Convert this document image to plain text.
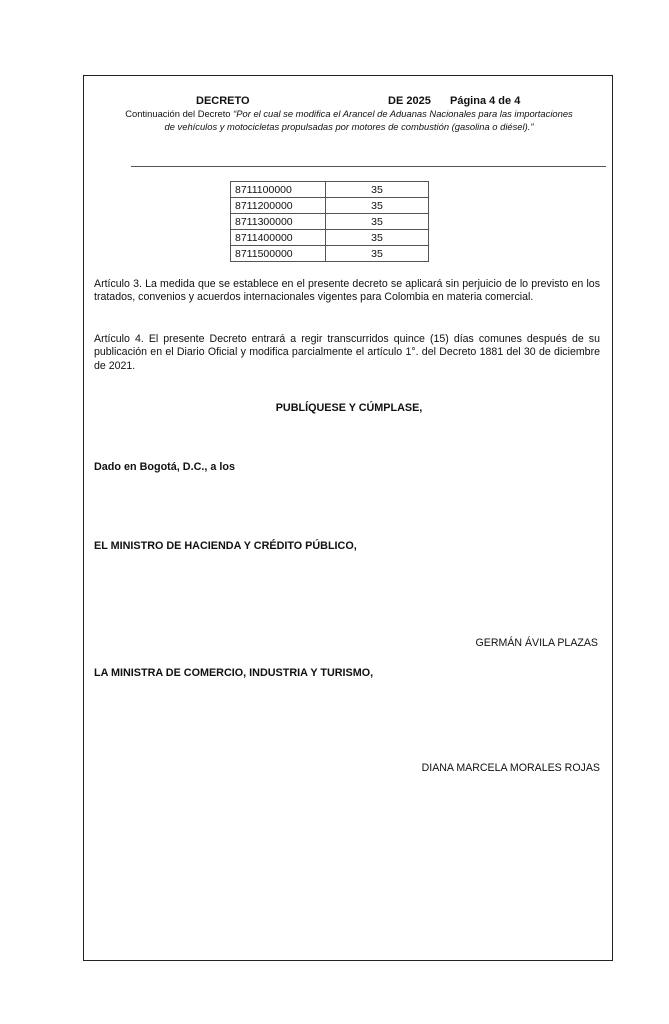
DECRETO	DE 2025 Página 4 de 4
Continuación del Decreto “Por el cual se modifica el Arancel de Aduanas Nacionales para las importaciones de vehículos y motocicletas propulsadas por motores de combustión (gasolina o diésel).”
8711100000	35
8711200000	35
8711300000	35
8711400000	35
8711500000	35
Artículo 3. La medida que se establece en el presente decreto se aplicará sin perjuicio de lo previsto en los tratados, convenios y acuerdos internacionales vigentes para Colombia en materia comercial.
Artículo 4. El presente Decreto entrará a regir transcurridos quince (15) días comunes después de su publicación en el Diario Oficial y modifica parcialmente el artículo 1°. del Decreto 1881 del 30 de diciembre de 2021.
PUBLÍQUESE Y CÚMPLASE,
Dado en Bogotá, D.C., a los
EL MINISTRO DE HACIENDA Y CRÉDITO PÚBLICO,
GERMÁN ÁVILA PLAZAS
LA MINISTRA DE COMERCIO, INDUSTRIA Y TURISMO,
DIANA MARCELA MORALES ROJAS
